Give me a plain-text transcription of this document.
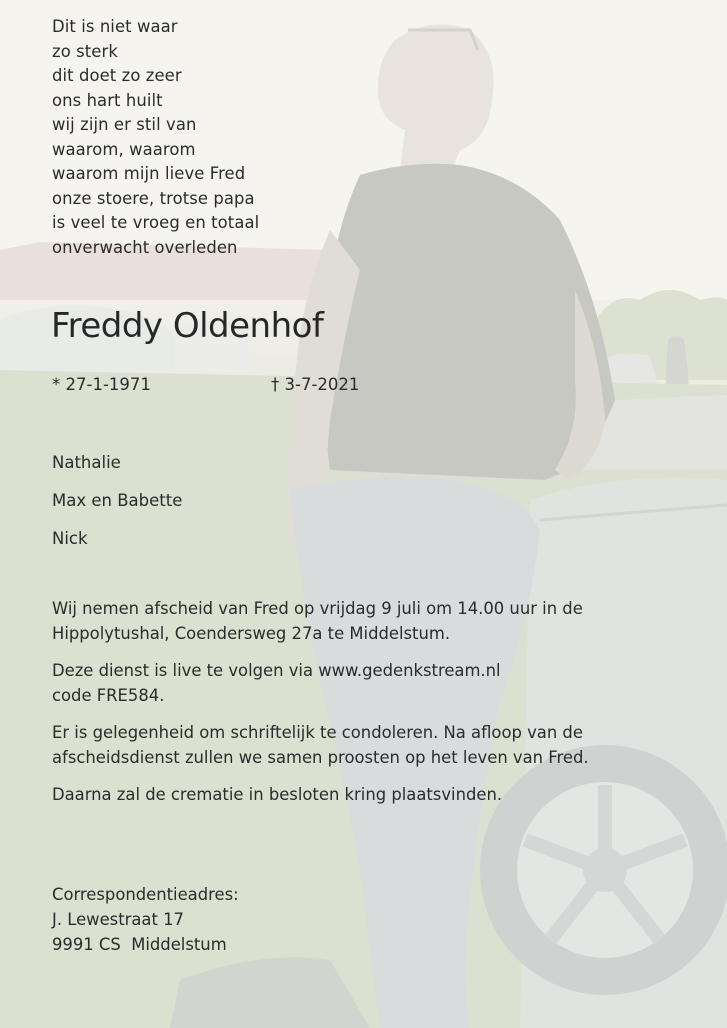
Dit is niet waar
zo sterk
dit doet zo zeer
ons hart huilt
wij zijn er stil van
waarom, waarom
waarom mijn lieve Fred
onze stoere, trotse papa
is veel te vroeg en totaal
onverwacht overleden
Freddy Oldenhof
* 27-1-1971	† 3-7-2021
Nathalie
Max en Babette
Nick
Wij nemen afscheid van Fred op vrijdag 9 juli om 14.00 uur in de
Hippolytushal, Coendersweg 27a te Middelstum.
Deze dienst is live te volgen via www.gedenkstream.nl
code FRE584.
Er is gelegenheid om schriftelijk te condoleren. Na afloop van de
afscheidsdienst zullen we samen proosten op het leven van Fred.
Daarna zal de crematie in besloten kring plaatsvinden.
Correspondentieadres:
J. Lewestraat 17
9991 CS  Middelstum
